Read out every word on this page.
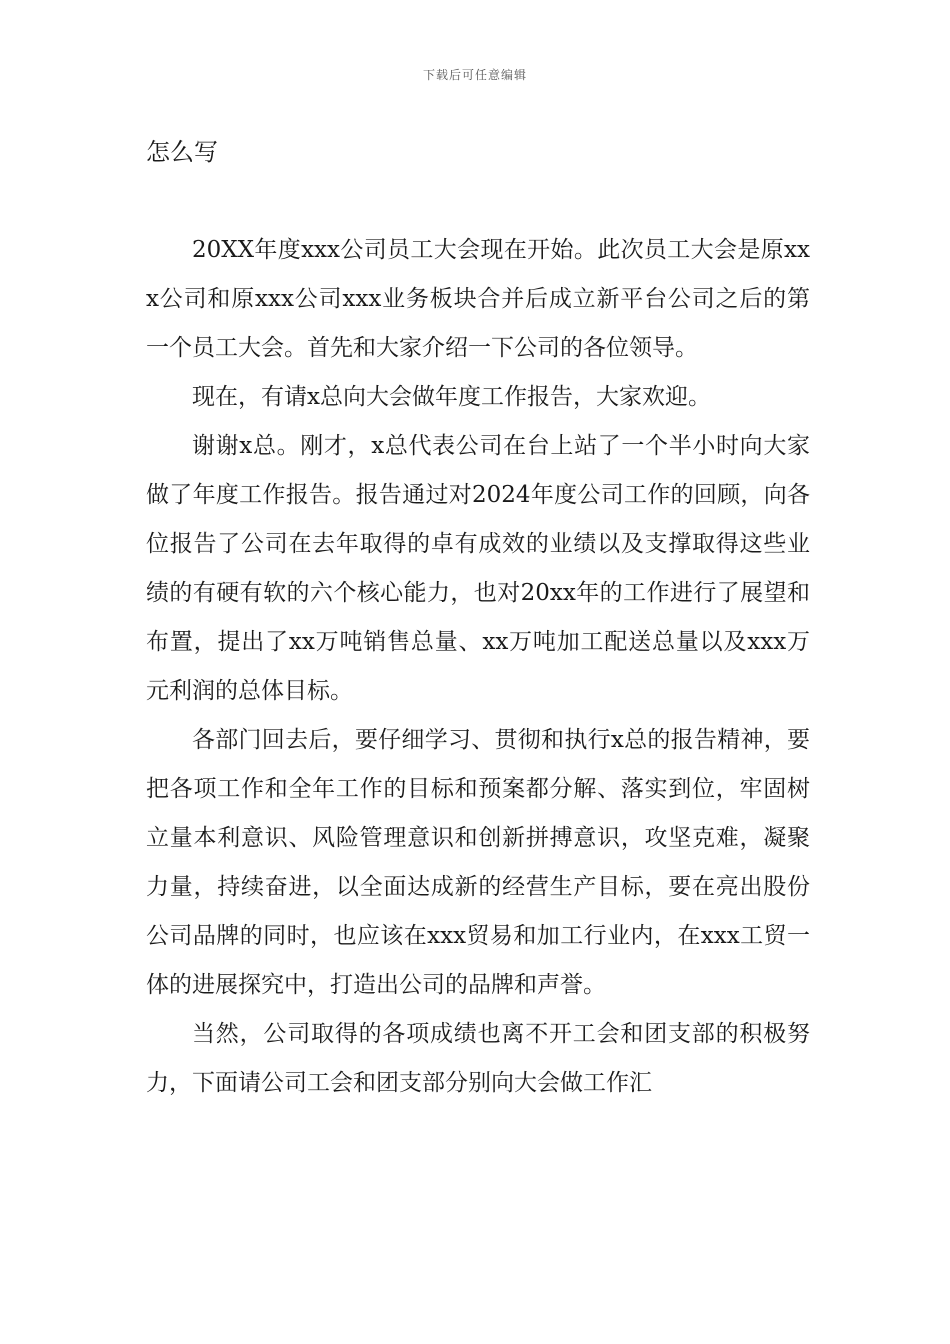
下载后可任意编辑
怎么写

20XX年度xxx公司员工大会现在开始。此次员工大会是原xxx公司和原xxx公司xxx业务板块合并后成立新平台公司之后的第一个员工大会。首先和大家介绍一下公司的各位领导。

现在，有请x总向大会做年度工作报告，大家欢迎。

谢谢x总。刚才，x总代表公司在台上站了一个半小时向大家做了年度工作报告。报告通过对2024年度公司工作的回顾，向各位报告了公司在去年取得的卓有成效的业绩以及支撑取得这些业绩的有硬有软的六个核心能力，也对20xx年的工作进行了展望和布置，提出了xx万吨销售总量、xx万吨加工配送总量以及xxx万元利润的总体目标。

各部门回去后，要仔细学习、贯彻和执行x总的报告精神，要把各项工作和全年工作的目标和预案都分解、落实到位，牢固树立量本利意识、风险管理意识和创新拼搏意识，攻坚克难，凝聚力量，持续奋进，以全面达成新的经营生产目标，要在亮出股份公司品牌的同时，也应该在xxx贸易和加工行业内，在xxx工贸一体的进展探究中，打造出公司的品牌和声誉。

当然，公司取得的各项成绩也离不开工会和团支部的积极努力，下面请公司工会和团支部分别向大会做工作汇
